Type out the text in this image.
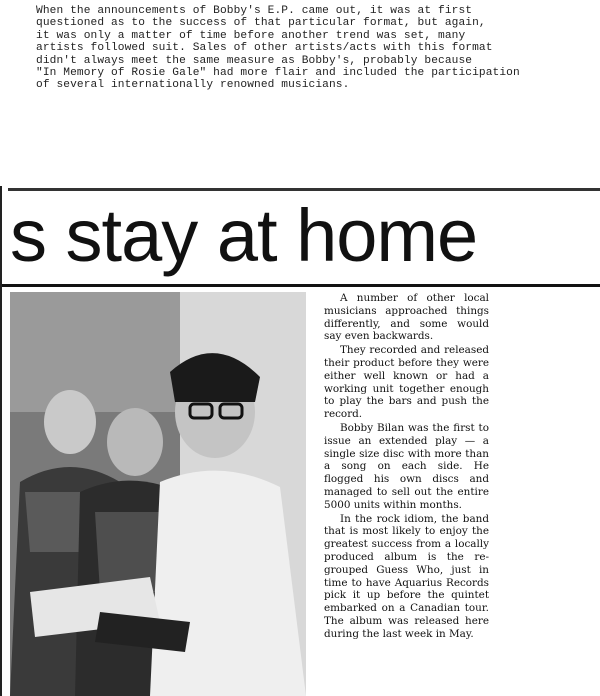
When the announcements of Bobby's E.P. came out, it was at first
questioned as to the success of that particular format, but again,
it was only a matter of time before another trend was set, many
artists followed suit. Sales of other artists/acts with this format
didn't always meet the same measure as Bobby's, probably because
"In Memory of Rosie Gale" had more flair and included the participation
of several internationally renowned musicians.
s stay at home

A number of other local musicians approached things differently, and some would say even backwards.

They recorded and released their product before they were either well known or had a working unit together enough to play the bars and push the record.

Bobby Bilan was the first to issue an extended play — a single size disc with more than a song on each side. He flogged his own discs and managed to sell out the entire 5000 units within months.

In the rock idiom, the band that is most likely to enjoy the greatest success from a locally produced album is the re-grouped Guess Who, just in time to have Aquarius Records pick it up before the quintet embarked on a Canadian tour. The album was released here during the last week in May.
